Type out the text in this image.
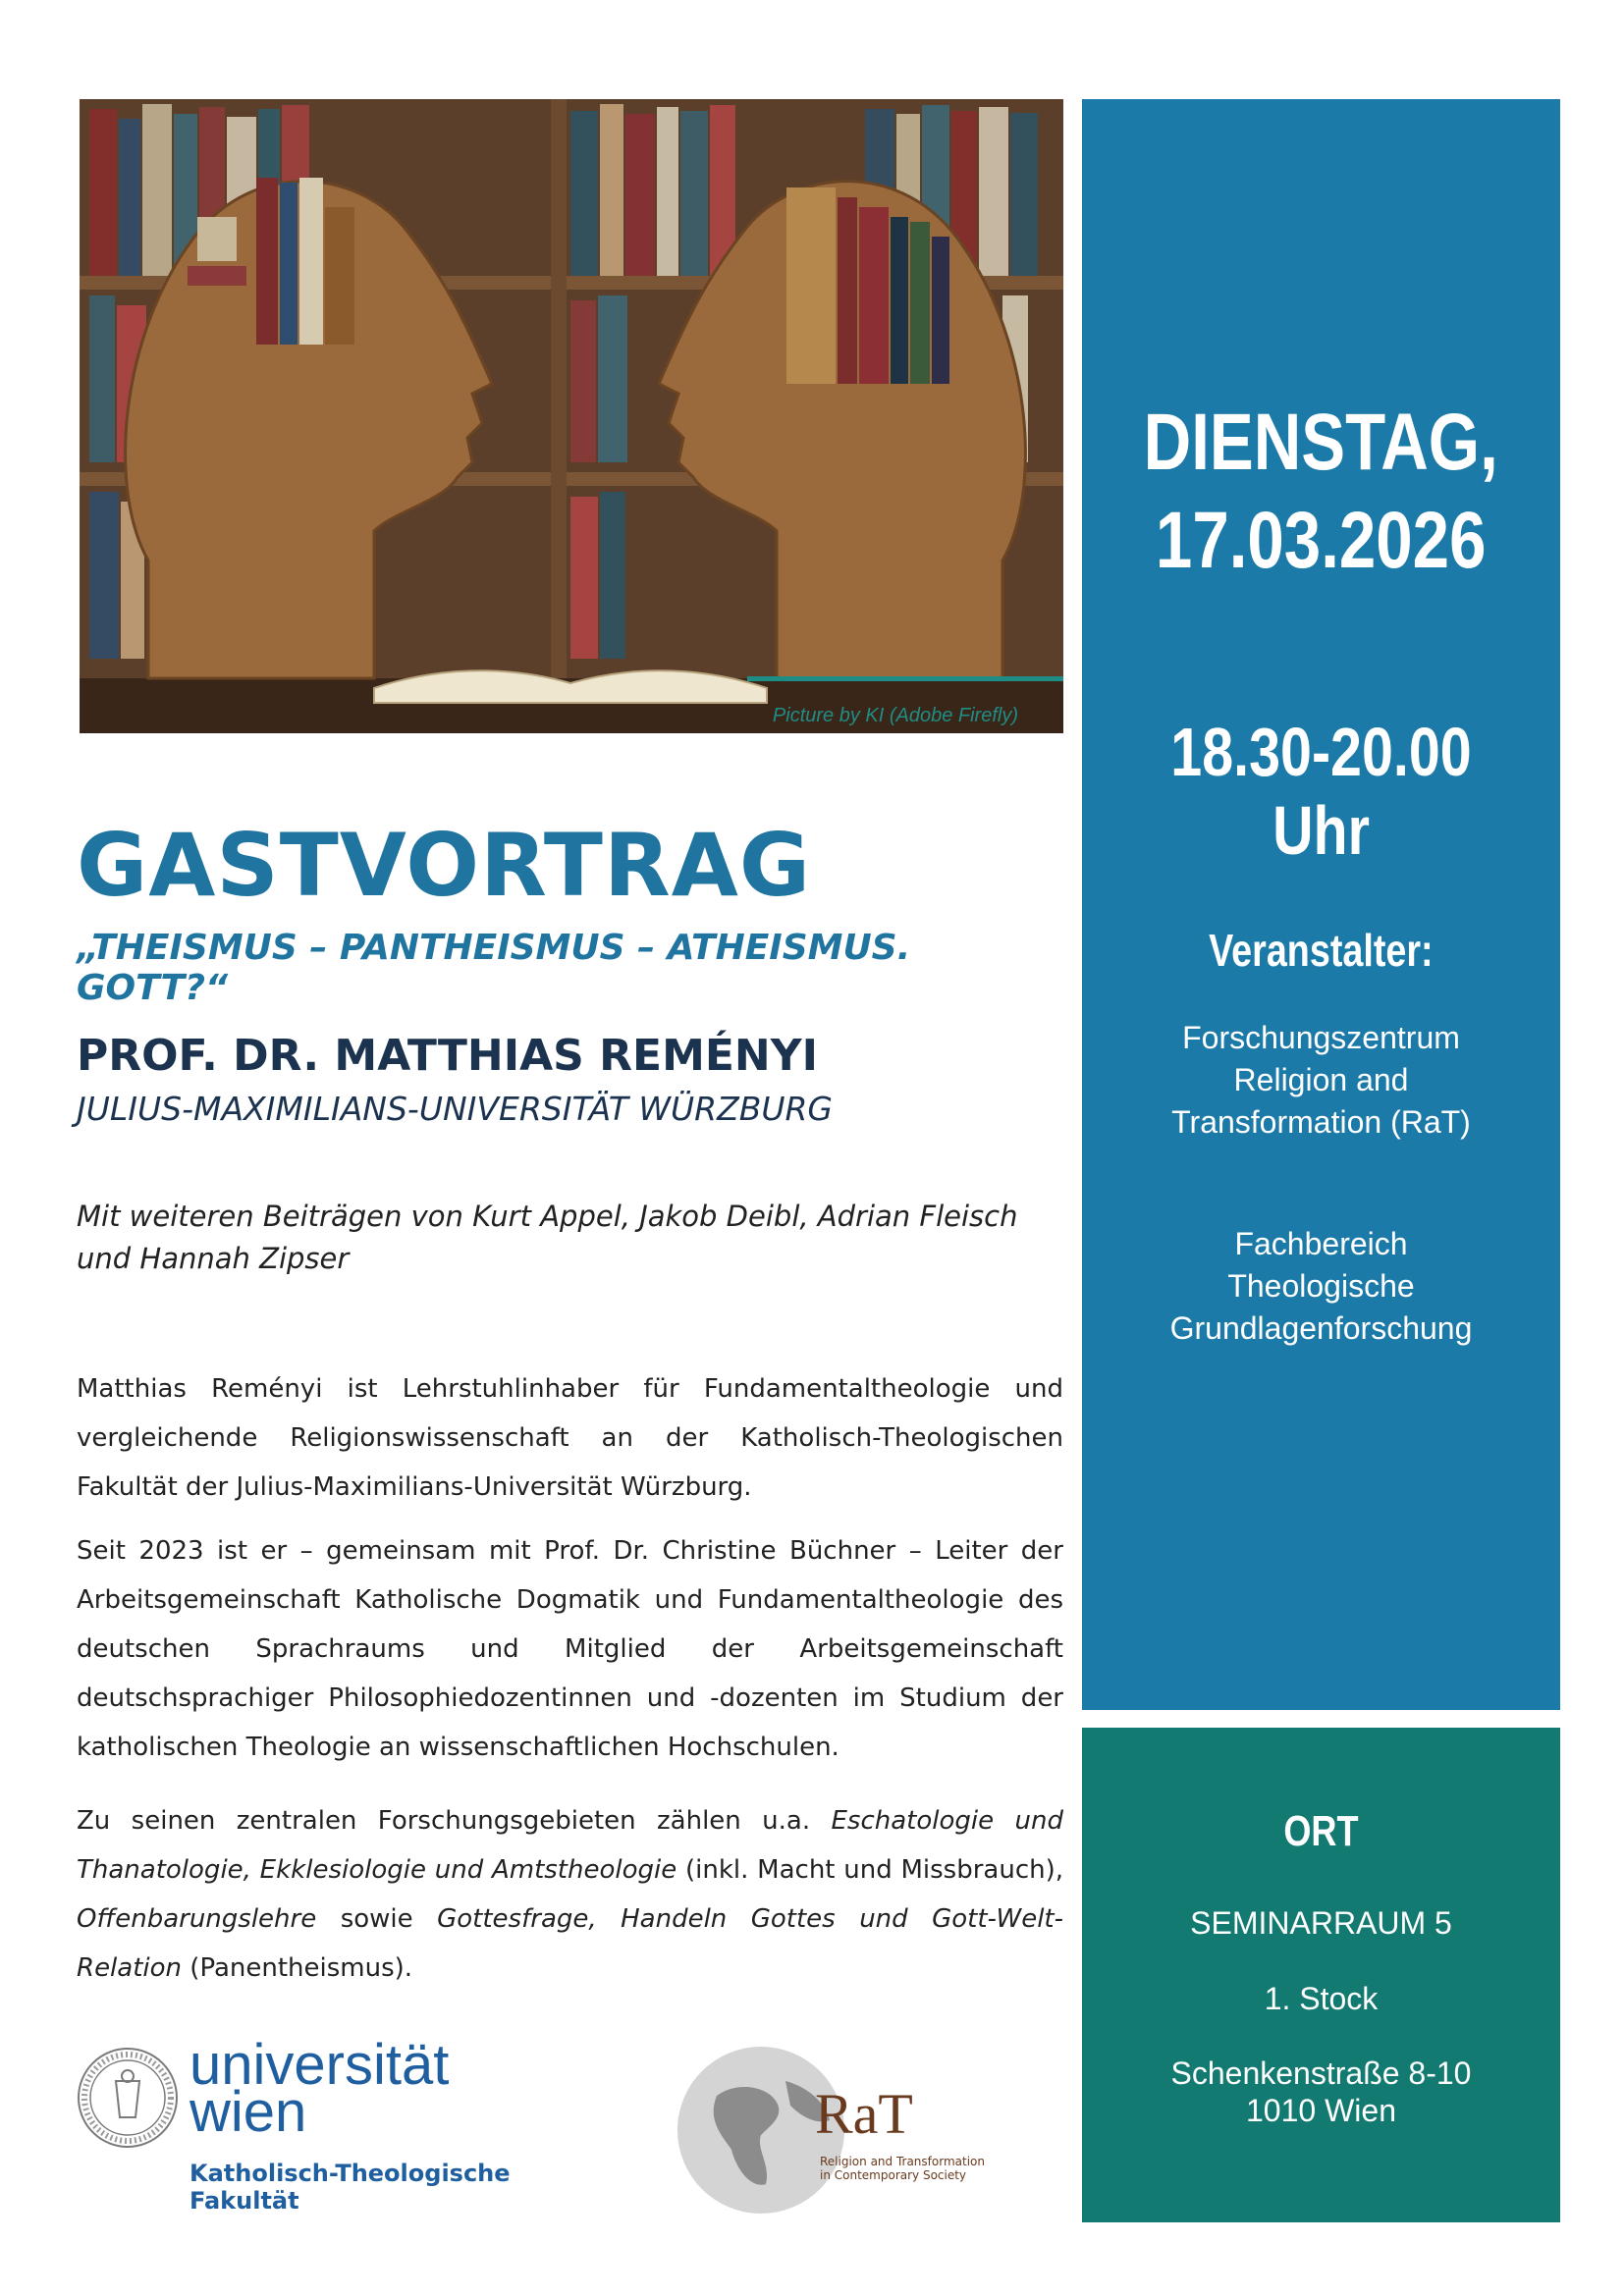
Picture by KI (Adobe Firefly)
DIENSTAG,
17.03.2026
18.30-20.00 Uhr
Veranstalter:
Forschungszentrum
Religion and
Transformation (RaT)
Fachbereich
Theologische
Grundlagenforschung
ORT
SEMINARRAUM 5
1. Stock
Schenkenstraße 8-10
1010 Wien
GASTVORTRAG
„THEISMUS – PANTHEISMUS – ATHEISMUS. GOTT?“
PROF. DR. MATTHIAS REMÉNYI
JULIUS-MAXIMILIANS-UNIVERSITÄT WÜRZBURG
Mit weiteren Beiträgen von Kurt Appel, Jakob Deibl, Adrian Fleisch und Hannah Zipser
Matthias Reményi ist Lehrstuhlinhaber für Fundamentaltheologie und vergleichende Religionswissenschaft an der Katholisch-Theologischen Fakultät der Julius-Maximilians-Universität Würzburg.
Seit 2023 ist er – gemeinsam mit Prof. Dr. Christine Büchner – Leiter der Arbeitsgemeinschaft Katholische Dogmatik und Fundamentaltheologie des deutschen Sprachraums und Mitglied der Arbeitsgemeinschaft deutschsprachiger Philosophiedozentinnen und -dozenten im Studium der katholischen Theologie an wissenschaftlichen Hochschulen.
Zu seinen zentralen Forschungsgebieten zählen u.a. Eschatologie und Thanatologie, Ekklesiologie und Amtstheologie (inkl. Macht und Missbrauch), Offenbarungslehre sowie Gottesfrage, Handeln Gottes und Gott-Welt-Relation (Panentheismus).
universität
wien
Katholisch-Theologische Fakultät
RaT
Religion and Transformation
in Contemporary Society
